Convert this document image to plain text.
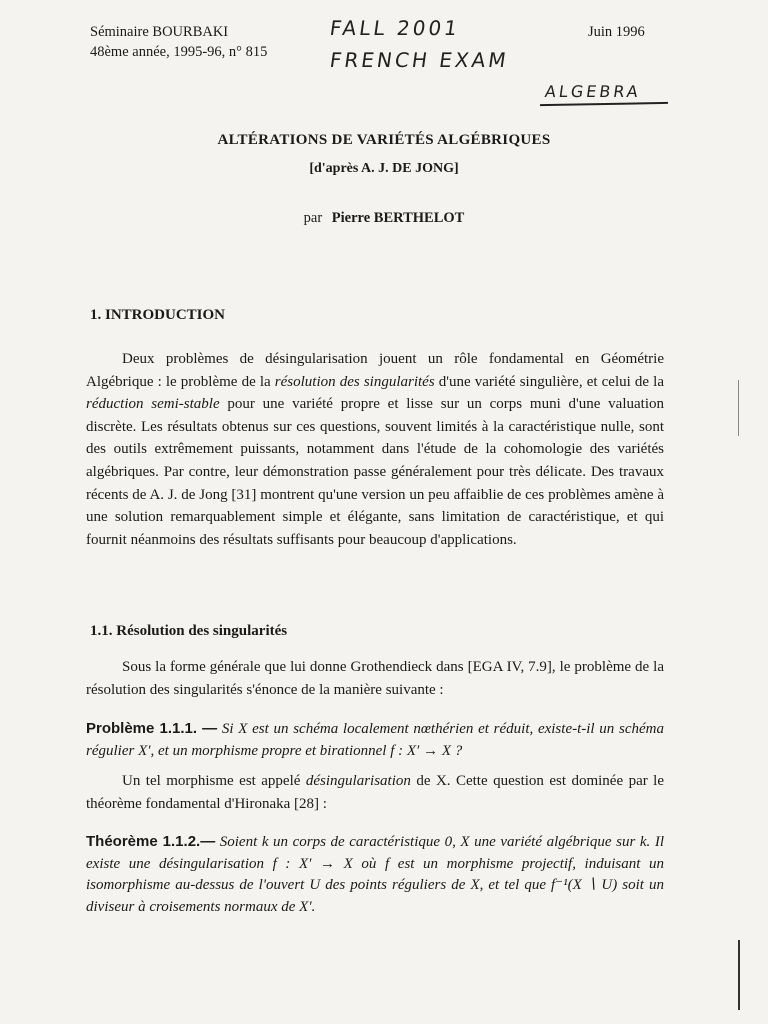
Séminaire BOURBAKI
48ème année, 1995-96, n° 815
Juin 1996
FALL 2001
FRENCH EXAM
ALGEBRA
ALTÉRATIONS DE VARIÉTÉS ALGÉBRIQUES
[d'après A. J. DE JONG]
par Pierre BERTHELOT
1. INTRODUCTION
Deux problèmes de désingularisation jouent un rôle fondamental en Géométrie Algébrique : le problème de la résolution des singularités d'une variété singulière, et celui de la réduction semi-stable pour une variété propre et lisse sur un corps muni d'une valuation discrète. Les résultats obtenus sur ces questions, souvent limités à la caractéristique nulle, sont des outils extrêmement puissants, notamment dans l'étude de la cohomologie des variétés algébriques. Par contre, leur démonstration passe généralement pour très délicate. Des travaux récents de A. J. de Jong [31] montrent qu'une version un peu affaiblie de ces problèmes amène à une solution remarquablement simple et élégante, sans limitation de caractéristique, et qui fournit néanmoins des résultats suffisants pour beaucoup d'applications.
1.1. Résolution des singularités
Sous la forme générale que lui donne Grothendieck dans [EGA IV, 7.9], le problème de la résolution des singularités s'énonce de la manière suivante :
Problème 1.1.1. — Si X est un schéma localement nœthérien et réduit, existe-t-il un schéma régulier X′, et un morphisme propre et birationnel f : X′ → X ?
Un tel morphisme est appelé désingularisation de X. Cette question est dominée par le théorème fondamental d'Hironaka [28] :
Théorème 1.1.2.— Soient k un corps de caractéristique 0, X une variété algébrique sur k. Il existe une désingularisation f : X′ → X où f est un morphisme projectif, induisant un isomorphisme au-dessus de l'ouvert U des points réguliers de X, et tel que f⁻¹(X ∖ U) soit un diviseur à croisements normaux de X′.
